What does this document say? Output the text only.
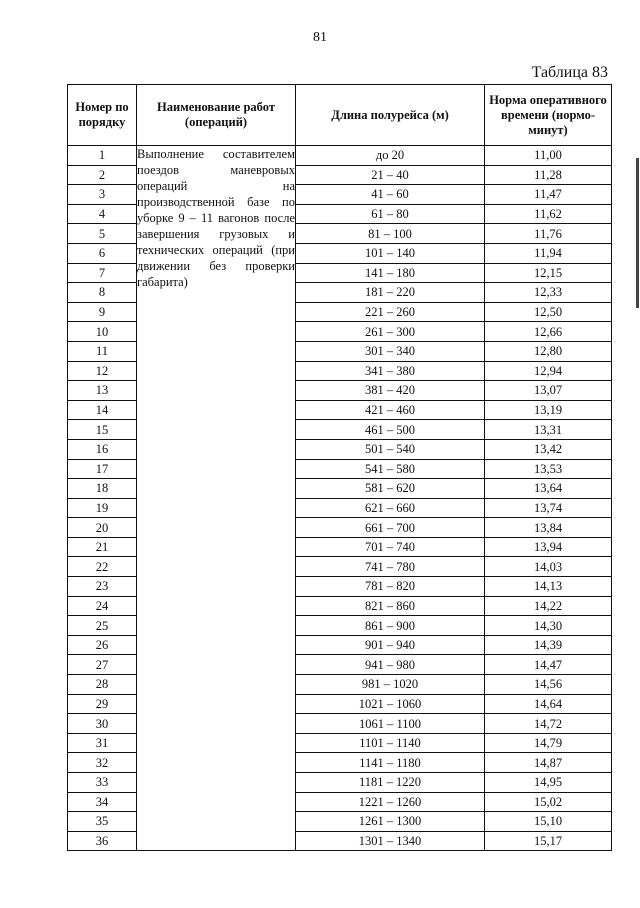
81
Таблица 83
Номер по порядку	Наименование работ (операций)	Длина полурейса (м)	Норма оперативного времени (нормо-минут)
1	Выполнение составителем поездов маневровых операций на производственной базе по уборке 9 – 11 вагонов после завершения грузовых и технических операций (при движении без проверки габарита)	до 20	11,00
2		21 – 40	11,28
3		41 – 60	11,47
4		61 – 80	11,62
5		81 – 100	11,76
6		101 – 140	11,94
7		141 – 180	12,15
8		181 – 220	12,33
9		221 – 260	12,50
10		261 – 300	12,66
11		301 – 340	12,80
12		341 – 380	12,94
13		381 – 420	13,07
14		421 – 460	13,19
15		461 – 500	13,31
16		501 – 540	13,42
17		541 – 580	13,53
18		581 – 620	13,64
19		621 – 660	13,74
20		661 – 700	13,84
21		701 – 740	13,94
22		741 – 780	14,03
23		781 – 820	14,13
24		821 – 860	14,22
25		861 – 900	14,30
26		901 – 940	14,39
27		941 – 980	14,47
28		981 – 1020	14,56
29		1021 – 1060	14,64
30		1061 – 1100	14,72
31		1101 – 1140	14,79
32		1141 – 1180	14,87
33		1181 – 1220	14,95
34		1221 – 1260	15,02
35		1261 – 1300	15,10
36		1301 – 1340	15,17
